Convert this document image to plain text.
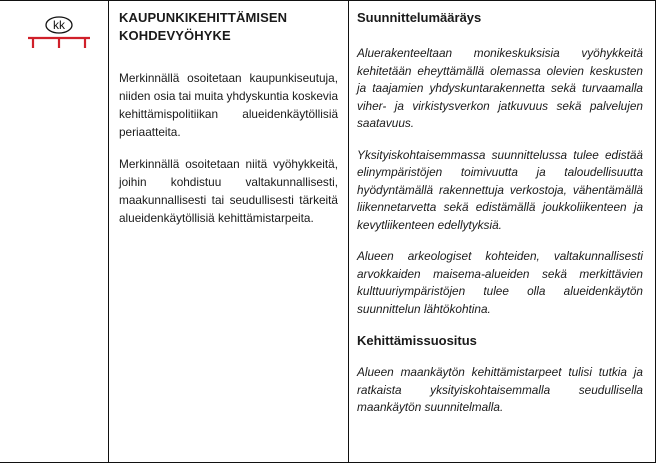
kk	KAUPUNKIKEHITTÄMISEN

KOHDEVYÖHYKE

Merkinnällä osoitetaan kaupunkiseutuja, niiden osia tai muita yhdyskuntia koskevia kehittämispolitiikan alueidenkäytöllisiä periaatteita.

Merkinnällä osoitetaan niitä vyöhykkeitä, joihin kohdistuu valtakunnallisesti, maakunnallisesti tai seudullisesti tärkeitä alueidenkäytöllisiä kehittämistarpeita.

Suunnittelumääräys

Aluerakenteeltaan monikeskuksisia vyöhykkeitä kehitetään eheyttämällä olemassa olevien keskusten ja taajamien yhdyskuntarakennetta sekä turvaamalla viher- ja virkistysverkon jatkuvuus sekä palvelujen saatavuus.

Yksityiskohtaisemmassa suunnittelussa tulee edistää elinympäristöjen toimivuutta ja taloudellisuutta hyödyntämällä rakennettuja verkostoja, vähentämällä liikennetarvetta sekä edistämällä joukkoliikenteen ja kevytliikenteen edellytyksiä.

Alueen arkeologiset kohteiden, valtakunnallisesti arvokkaiden maisema-alueiden sekä merkittävien kulttuuriympäristöjen tulee olla alueidenkäytön suunnittelun lähtökohtina.

Kehittämissuositus

Alueen maankäytön kehittämistarpeet tulisi tutkia ja ratkaista yksityiskohtaisemmalla seudullisella maankäytön suunnitelmalla.
